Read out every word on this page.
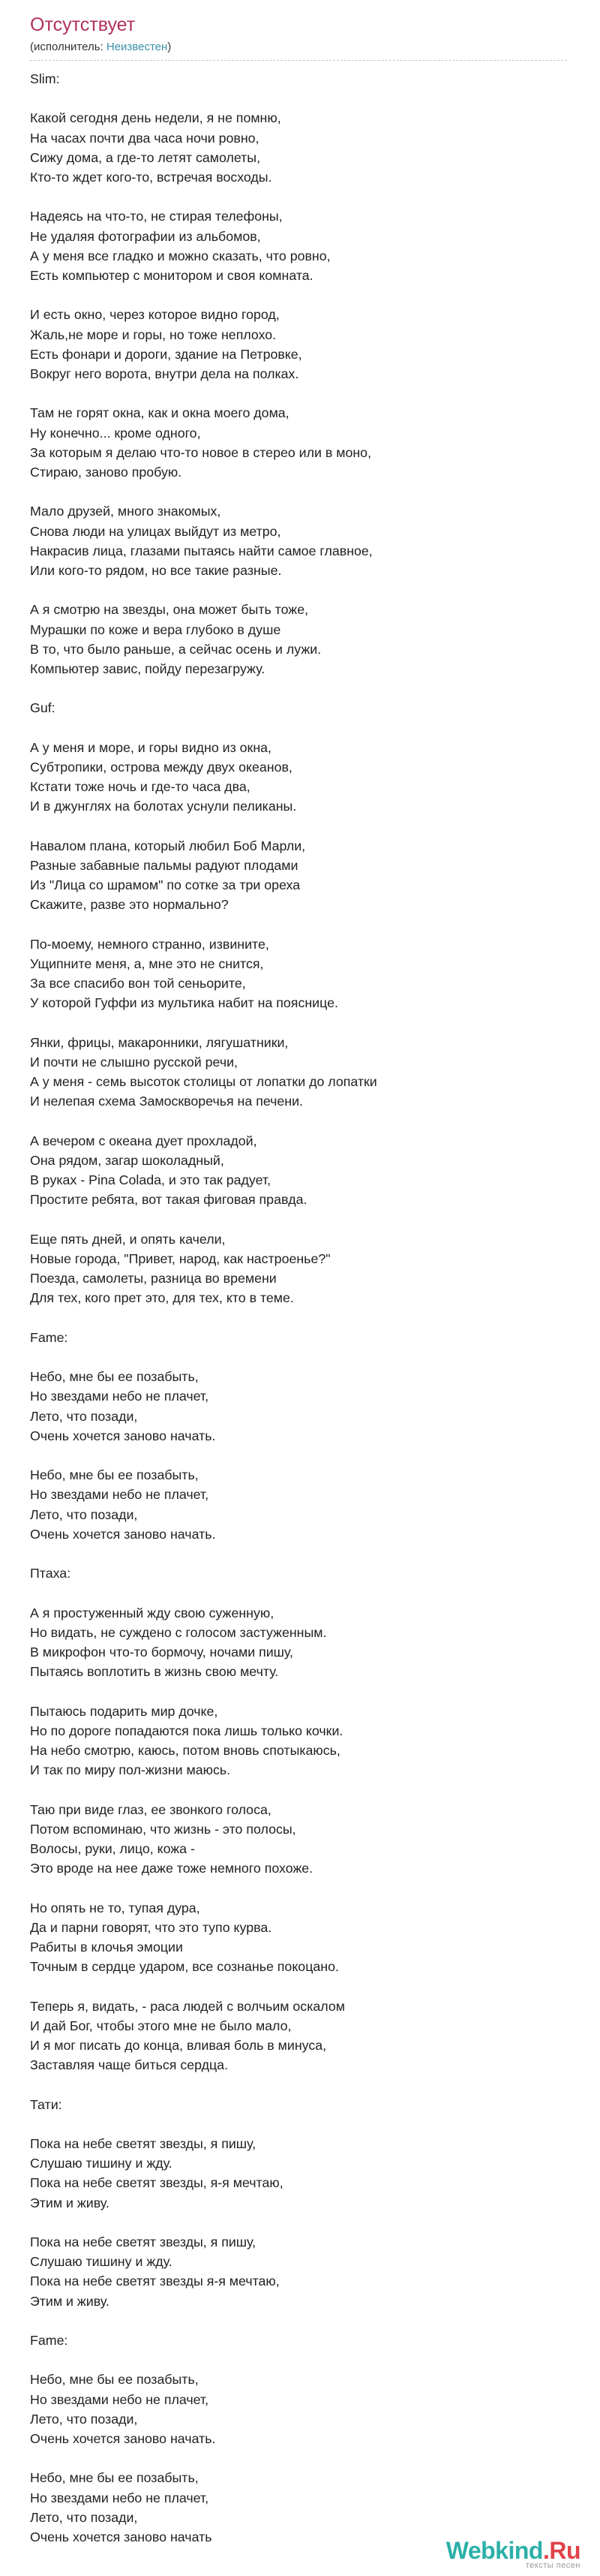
Отсутствует
(исполнитель: Неизвестен)
Slim:
Какой сегодня день недели, я не помню,
На часах почти два часа ночи ровно,
Сижу дома, а где-то летят самолеты,
Кто-то ждет кого-то, встречая восходы.
Надеясь на что-то, не стирая телефоны,
Не удаляя фотографии из альбомов,
А у меня все гладко и можно сказать, что ровно,
Есть компьютер с монитором и своя комната.
И есть окно, через которое видно город,
Жаль,не море и горы, но тоже неплохо.
Есть фонари и дороги, здание на Петровке,
Вокруг него ворота, внутри дела на полках.
Там не горят окна, как и окна моего дома,
Ну конечно... кроме одного,
За которым я делаю что-то новое в стерео или в моно,
Стираю, заново пробую.
Мало друзей, много знакомых,
Снова люди на улицах выйдут из метро,
Накрасив лица, глазами пытаясь найти самое главное,
Или кого-то рядом, но все такие разные.
А я смотрю на звезды, она может быть тоже,
Мурашки по коже и вера глубоко в душе
В то, что было раньше, а сейчас осень и лужи.
Компьютер завис, пойду перезагружу.
Guf:
А у меня и море, и горы видно из окна,
Субтропики, острова между двух океанов,
Кстати тоже ночь и где-то часа два,
И в джунглях на болотах уснули пеликаны.
Навалом плана, который любил Боб Марли,
Разные забавные пальмы радуют плодами
Из "Лица со шрамом" по сотке за три ореха
Скажите, разве это нормально?
По-моему, немного странно, извините,
Ущипните меня, а, мне это не снится,
За все спасибо вон той сеньорите,
У которой Гуффи из мультика набит на пояснице.
Янки, фрицы, макаронники, лягушатники,
И почти не слышно русской речи,
А у меня - семь высоток столицы от лопатки до лопатки
И нелепая схема Замоскворечья на печени.
А вечером с океана дует прохладой,
Она рядом, загар шоколадный,
В руках - Pina Colada, и это так радует,
Простите ребята, вот такая фиговая правда.
Еще пять дней, и опять качели,
Новые города, "Привет, народ, как настроенье?"
Поезда, самолеты, разница во времени
Для тех, кого прет это, для тех, кто в теме.
Fame:
Небо, мне бы ее позабыть,
Но звездами небо не плачет,
Лето, что позади,
Очень хочется заново начать.
Небо, мне бы ее позабыть,
Но звездами небо не плачет,
Лето, что позади,
Очень хочется заново начать.
Птаха:
А я простуженный жду свою суженную,
Но видать, не суждено с голосом застуженным.
В микрофон что-то бормочу, ночами пишу,
Пытаясь воплотить в жизнь свою мечту.
Пытаюсь подарить мир дочке,
Но по дороге попадаются пока лишь только кочки.
На небо смотрю, каюсь, потом вновь спотыкаюсь,
И так по миру пол-жизни маюсь.
Таю при виде глаз, ее звонкого голоса,
Потом вспоминаю, что жизнь - это полосы,
Волосы, руки, лицо, кожа -
Это вроде на нее даже тоже немного похоже.
Но опять не то, тупая дура,
Да и парни говорят, что это тупо курва.
Рабиты в клочья эмоции
Точным в сердце ударом, все сознанье покоцано.
Теперь я, видать, - раса людей с волчьим оскалом
И дай Бог, чтобы этого мне не было мало,
И я мог писать до конца, вливая боль в минуса,
Заставляя чаще биться сердца.
Тати:
Пока на небе светят звезды, я пишу,
Слушаю тишину и жду.
Пока на небе светят звезды, я-я мечтаю,
Этим и живу.
Пока на небе светят звезды, я пишу,
Слушаю тишину и жду.
Пока на небе светят звезды я-я мечтаю,
Этим и живу.
Fame:
Небо, мне бы ее позабыть,
Но звездами небо не плачет,
Лето, что позади,
Очень хочется заново начать.
Небо, мне бы ее позабыть,
Но звездами небо не плачет,
Лето, что позади,
Очень хочется заново начать
Webkind.Ru
тексты песен
